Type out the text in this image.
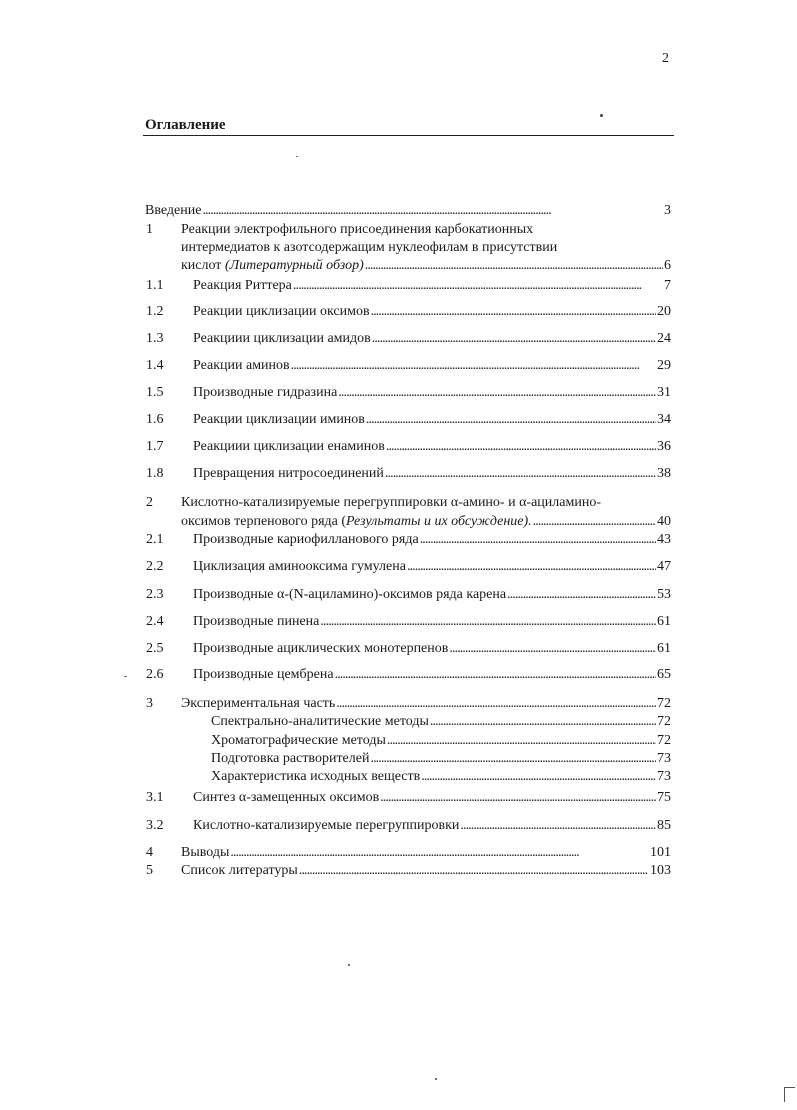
2
Оглавление
Введение . . .	3
1 Реакции электрофильного присоединения карбокатионных
интермедиатов к азотсодержащим нуклеофилам в присутствии
кислот (Литературный обзор) . . .	6
1.1 Реакция Риттера . . .	7
1.2 Реакции циклизации оксимов . . .	20
1.3 Реакциии циклизации амидов . . .	24
1.4 Реакции аминов . . .	29
1.5 Производные гидразина . . .	31
1.6 Реакции циклизации иминов . . .	34
1.7 Реакциии циклизации енаминов . . .	36
1.8 Превращения нитросоединений . . .	38
2 Кислотно-катализируемые перегруппировки α-амино- и α-ациламино-
оксимов терпенового ряда (Результаты и их обсуждение). . . .	40
2.1 Производные кариофилланового ряда . . .	43
2.2 Циклизация аминооксима гумулена . . .	47
2.3 Производные α-(N-ациламино)-оксимов ряда карена . . .	53
2.4 Производные пинена . . .	61
2.5 Производные ациклических монотерпенов . . .	61
2.6 Производные цембрена . . .	65
3 Экспериментальная часть . . .	72
Спектрально-аналитические методы . . .	72
Хроматографические методы . . .	72
Подготовка растворителей . . .	73
Характеристика исходных веществ . . .	73
3.1 Синтез α-замещенных оксимов . . .	75
3.2 Кислотно-катализируемые перегруппировки . . .	85
4 Выводы . . .	101
5 Список литературы . . .	103
